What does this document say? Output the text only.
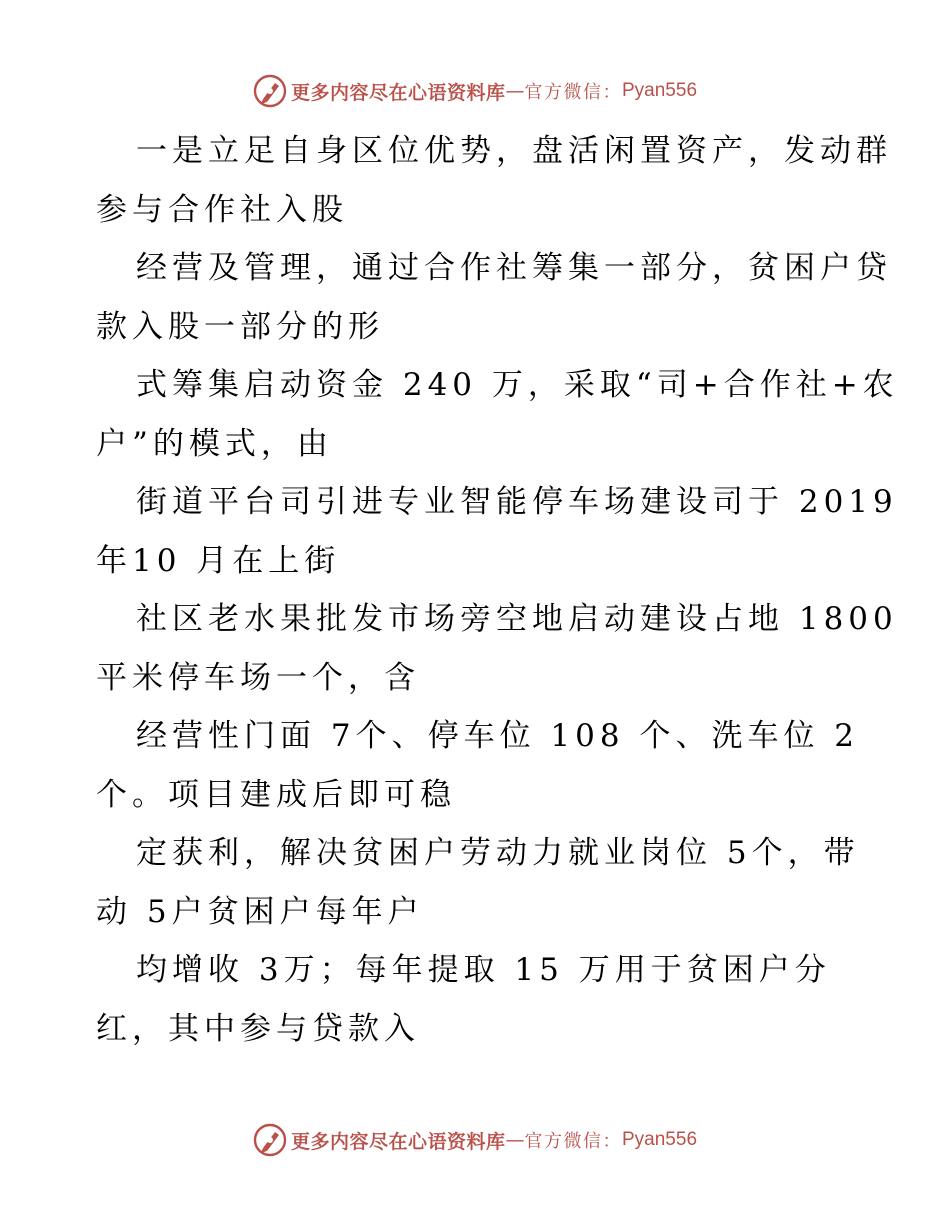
更多内容尽在心语资料库 — 官方微信： Pyan556
一是立足自身区位优势，盘活闲置资产，发动群
参与合作社入股
经营及管理，通过合作社筹集一部分，贫困户贷
款入股一部分的形
式筹集启动资金 240 万，采取“司+合作社+农
户”的模式，由
街道平台司引进专业智能停车场建设司于 2019
年10 月在上街
社区老水果批发市场旁空地启动建设占地 1800
平米停车场一个，含
经营性门面 7个、停车位 108 个、洗车位 2
个。项目建成后即可稳
定获利，解决贫困户劳动力就业岗位 5个，带
动 5户贫困户每年户
均增收 3万；每年提取 15 万用于贫困户分
红，其中参与贷款入
更多内容尽在心语资料库 — 官方微信： Pyan556
